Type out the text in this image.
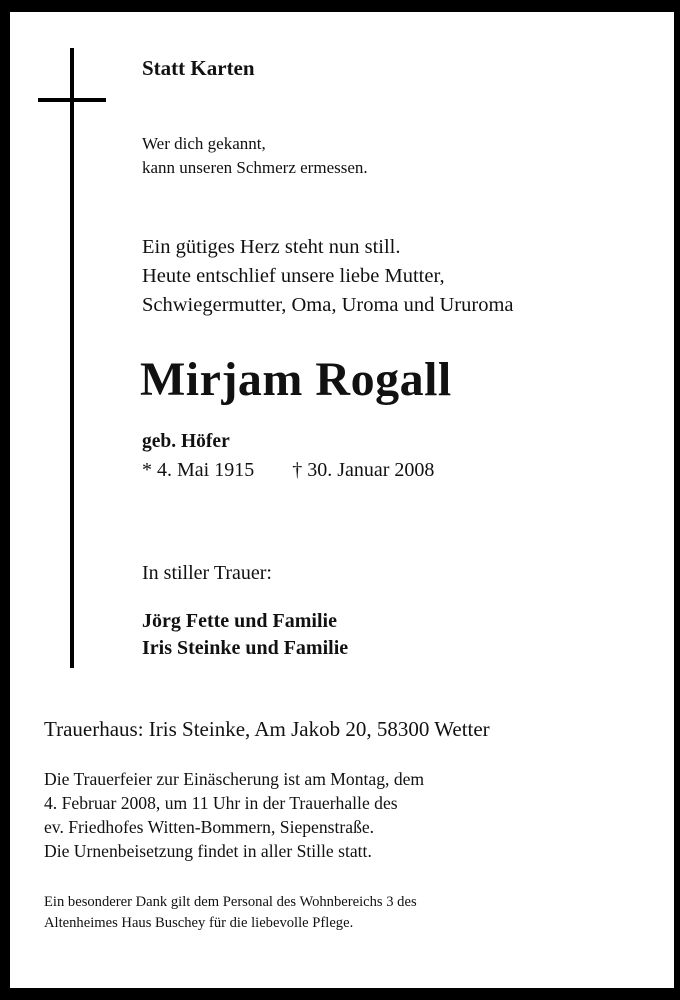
Statt Karten

Wer dich gekannt,
kann unseren Schmerz ermessen.

Ein gütiges Herz steht nun still.
Heute entschlief unsere liebe Mutter,
Schwiegermutter, Oma, Uroma und Ururoma

Mirjam Rogall

geb. Höfer

* 4. Mai 1915 † 30. Januar 2008

In stiller Trauer:

Jörg Fette und Familie
Iris Steinke und Familie

Trauerhaus: Iris Steinke, Am Jakob 20, 58300 Wetter

Die Trauerfeier zur Einäscherung ist am Montag, dem
4. Februar 2008, um 11 Uhr in der Trauerhalle des
ev. Friedhofes Witten-Bommern, Siepenstraße.
Die Urnenbeisetzung findet in aller Stille statt.

Ein besonderer Dank gilt dem Personal des Wohnbereichs 3 des
Altenheimes Haus Buschey für die liebevolle Pflege.
